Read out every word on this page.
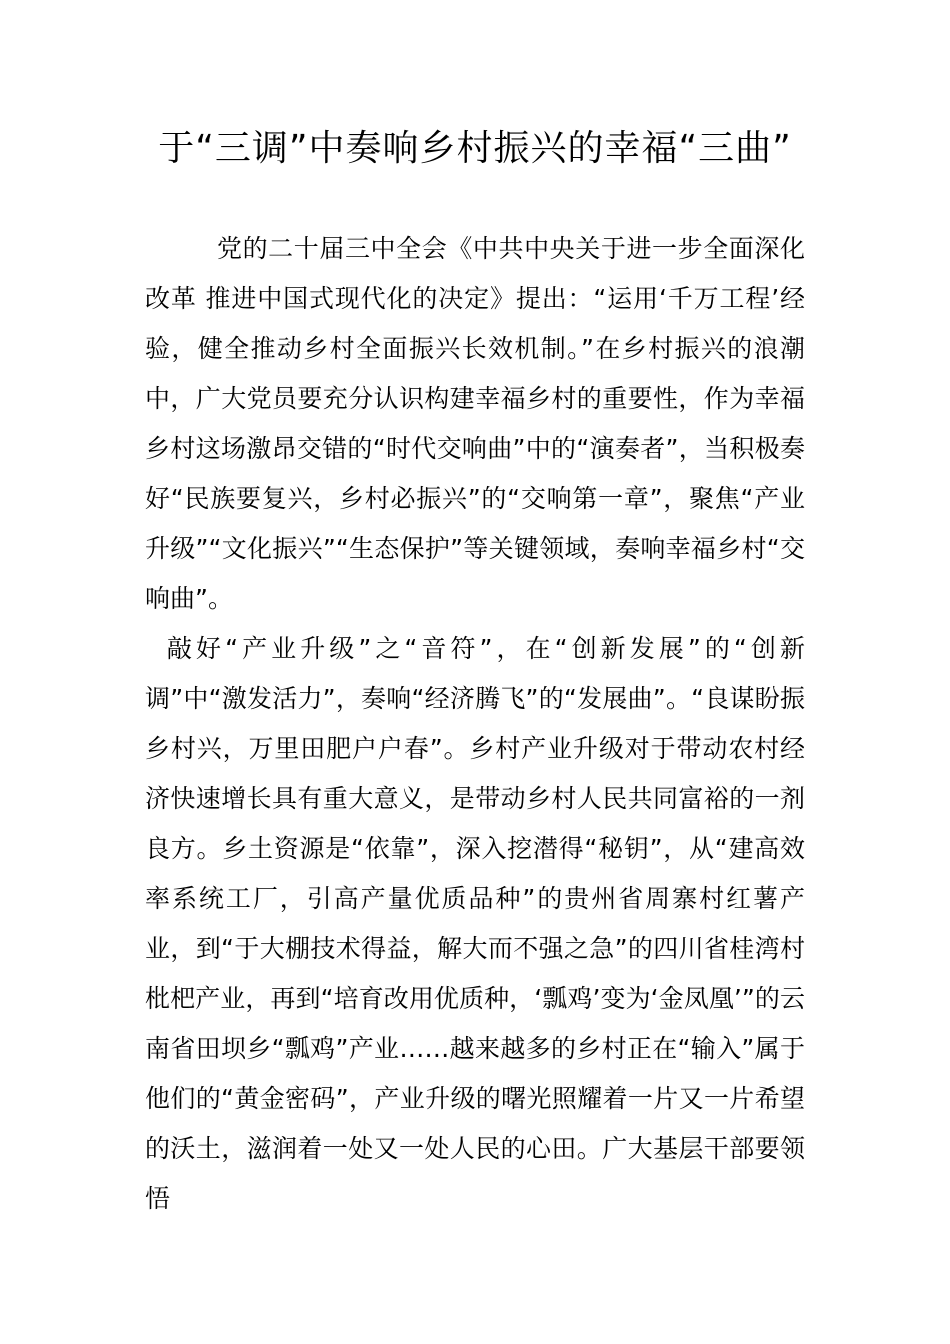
于“三调”中奏响乡村振兴的幸福“三曲”

党的二十届三中全会《中共中央关于进一步全面深化改革 推进中国式现代化的决定》提出：“运用‘千万工程’经验，健全推动乡村全面振兴长效机制。”在乡村振兴的浪潮中，广大党员要充分认识构建幸福乡村的重要性，作为幸福乡村这场激昂交错的“时代交响曲”中的“演奏者”，当积极奏好“民族要复兴，乡村必振兴”的“交响第一章”，聚焦“产业升级”“文化振兴”“生态保护”等关键领域，奏响幸福乡村“交响曲”。

敲好“产业升级”之“音符”，在“创新发展”的“创新调”中“激发活力”，奏响“经济腾飞”的“发展曲”。“良谋盼振乡村兴，万里田肥户户春”。乡村产业升级对于带动农村经济快速增长具有重大意义，是带动乡村人民共同富裕的一剂良方。乡土资源是“依靠”，深入挖潜得“秘钥”，从“建高效率系统工厂，引高产量优质品种”的贵州省周寨村红薯产业，到“于大棚技术得益，解大而不强之急”的四川省桂湾村枇杷产业，再到“培育改用优质种，‘瓢鸡’变为‘金凤凰’”的云南省田坝乡“瓢鸡”产业……越来越多的乡村正在“输入”属于他们的“黄金密码”，产业升级的曙光照耀着一片又一片希望的沃土，滋润着一处又一处人民的心田。广大基层干部要领悟
